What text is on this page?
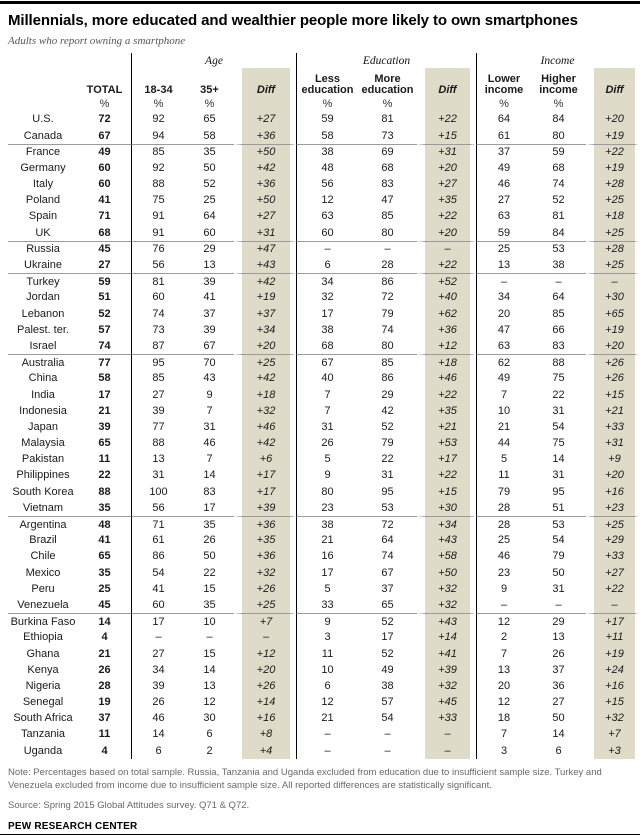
Millennials, more educated and wealthier people more likely to own smartphones
Adults who report owning a smartphone
		Age			Education			Income		
	TOTAL	18-34	35+	Diff	Less education	More education	Diff	Lower income	Higher income	Diff
	%	%	%		%	%		%	%	
U.S.	72	92	65	+27	59	81	+22	64	84	+20
Canada	67	94	58	+36	58	73	+15	61	80	+19
France	49	85	35	+50	38	69	+31	37	59	+22
Germany	60	92	50	+42	48	68	+20	49	68	+19
Italy	60	88	52	+36	56	83	+27	46	74	+28
Poland	41	75	25	+50	12	47	+35	27	52	+25
Spain	71	91	64	+27	63	85	+22	63	81	+18
UK	68	91	60	+31	60	80	+20	59	84	+25
Russia	45	76	29	+47	–	–	–	25	53	+28
Ukraine	27	56	13	+43	6	28	+22	13	38	+25
Turkey	59	81	39	+42	34	86	+52	–	–	–
Jordan	51	60	41	+19	32	72	+40	34	64	+30
Lebanon	52	74	37	+37	17	79	+62	20	85	+65
Palest. ter.	57	73	39	+34	38	74	+36	47	66	+19
Israel	74	87	67	+20	68	80	+12	63	83	+20
Australia	77	95	70	+25	67	85	+18	62	88	+26
China	58	85	43	+42	40	86	+46	49	75	+26
India	17	27	9	+18	7	29	+22	7	22	+15
Indonesia	21	39	7	+32	7	42	+35	10	31	+21
Japan	39	77	31	+46	31	52	+21	21	54	+33
Malaysia	65	88	46	+42	26	79	+53	44	75	+31
Pakistan	11	13	7	+6	5	22	+17	5	14	+9
Philippines	22	31	14	+17	9	31	+22	11	31	+20
South Korea	88	100	83	+17	80	95	+15	79	95	+16
Vietnam	35	56	17	+39	23	53	+30	28	51	+23
Argentina	48	71	35	+36	38	72	+34	28	53	+25
Brazil	41	61	26	+35	21	64	+43	25	54	+29
Chile	65	86	50	+36	16	74	+58	46	79	+33
Mexico	35	54	22	+32	17	67	+50	23	50	+27
Peru	25	41	15	+26	5	37	+32	9	31	+22
Venezuela	45	60	35	+25	33	65	+32	–	–	–
Burkina Faso	14	17	10	+7	9	52	+43	12	29	+17
Ethiopia	4	–	–	–	3	17	+14	2	13	+11
Ghana	21	27	15	+12	11	52	+41	7	26	+19
Kenya	26	34	14	+20	10	49	+39	13	37	+24
Nigeria	28	39	13	+26	6	38	+32	20	36	+16
Senegal	19	26	12	+14	12	57	+45	12	27	+15
South Africa	37	46	30	+16	21	54	+33	18	50	+32
Tanzania	11	14	6	+8	–	–	–	7	14	+7
Uganda	4	6	2	+4	–	–	–	3	6	+3
Note: Percentages based on total sample. Russia, Tanzania and Uganda excluded from education due to insufficient sample size. Turkey and Venezuela excluded from income due to insufficient sample size. All reported differences are statistically significant.
Source: Spring 2015 Global Attitudes survey. Q71 & Q72.
PEW RESEARCH CENTER
